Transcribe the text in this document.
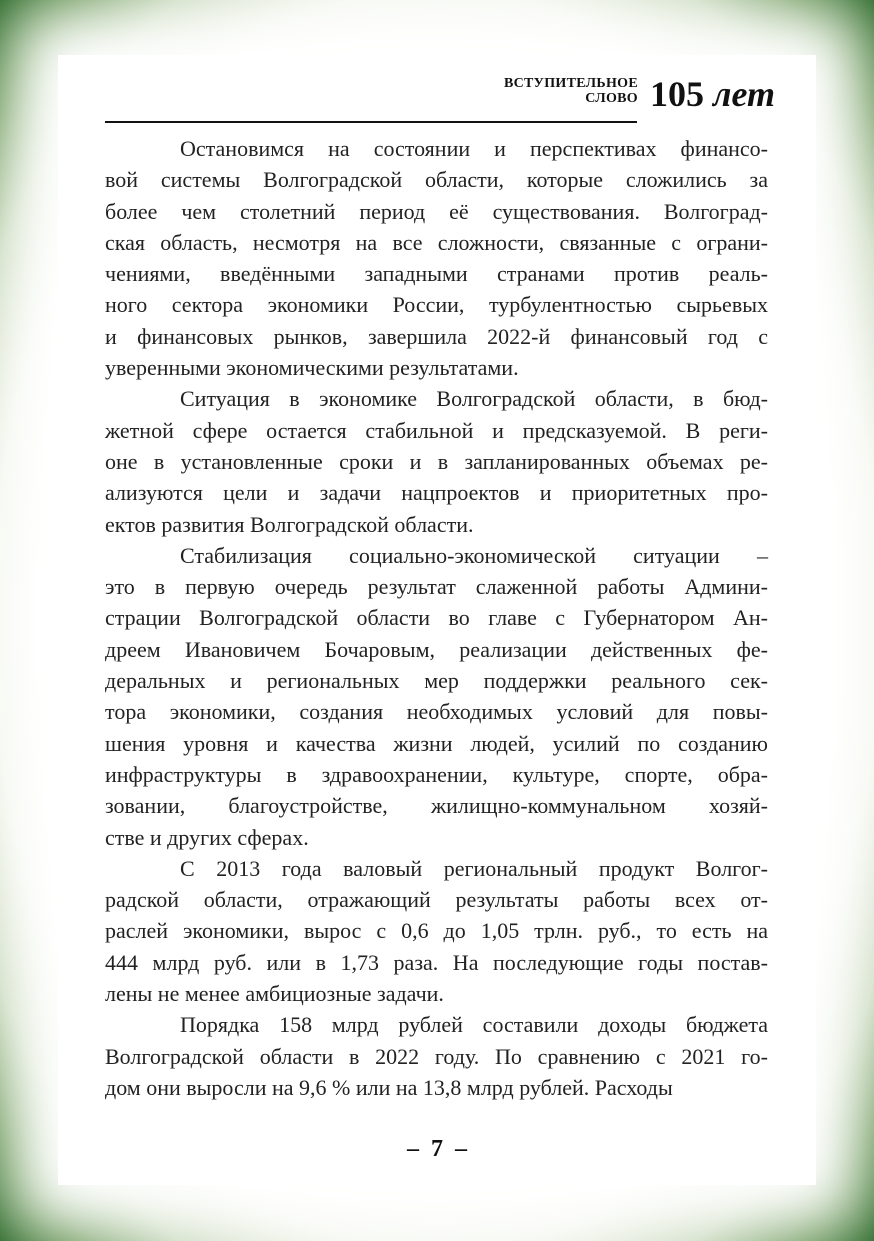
ВСТУПИТЕЛЬНОЕ
СЛОВО 105 лет
Остановимся на состоянии и перспективах финансо-
вой системы Волгоградской области, которые сложились за
более чем столетний период её существования. Волгоград-
ская область, несмотря на все сложности, связанные с ограни-
чениями, введёнными западными странами против реаль-
ного сектора экономики России, турбулентностью сырьевых
и финансовых рынков, завершила 2022-й финансовый год с
уверенными экономическими результатами.
Ситуация в экономике Волгоградской области, в бюд-
жетной сфере остается стабильной и предсказуемой. В реги-
оне в установленные сроки и в запланированных объемах ре-
ализуются цели и задачи нацпроектов и приоритетных про-
ектов развития Волгоградской области.
Стабилизация социально-экономической ситуации –
это в первую очередь результат слаженной работы Админи-
страции Волгоградской области во главе с Губернатором Ан-
дреем Ивановичем Бочаровым, реализации действенных фе-
деральных и региональных мер поддержки реального сек-
тора экономики, создания необходимых условий для повы-
шения уровня и качества жизни людей, усилий по созданию
инфраструктуры в здравоохранении, культуре, спорте, обра-
зовании, благоустройстве, жилищно-коммунальном хозяй-
стве и других сферах.
С 2013 года валовый региональный продукт Волгог-
радской области, отражающий результаты работы всех от-
раслей экономики, вырос с 0,6 до 1,05 трлн. руб., то есть на
444 млрд руб. или в 1,73 раза. На последующие годы постав-
лены не менее амбициозные задачи.
Порядка 158 млрд рублей составили доходы бюджета
Волгоградской области в 2022 году. По сравнению с 2021 го-
дом они выросли на 9,6 % или на 13,8 млрд рублей. Расходы
–  7  –
